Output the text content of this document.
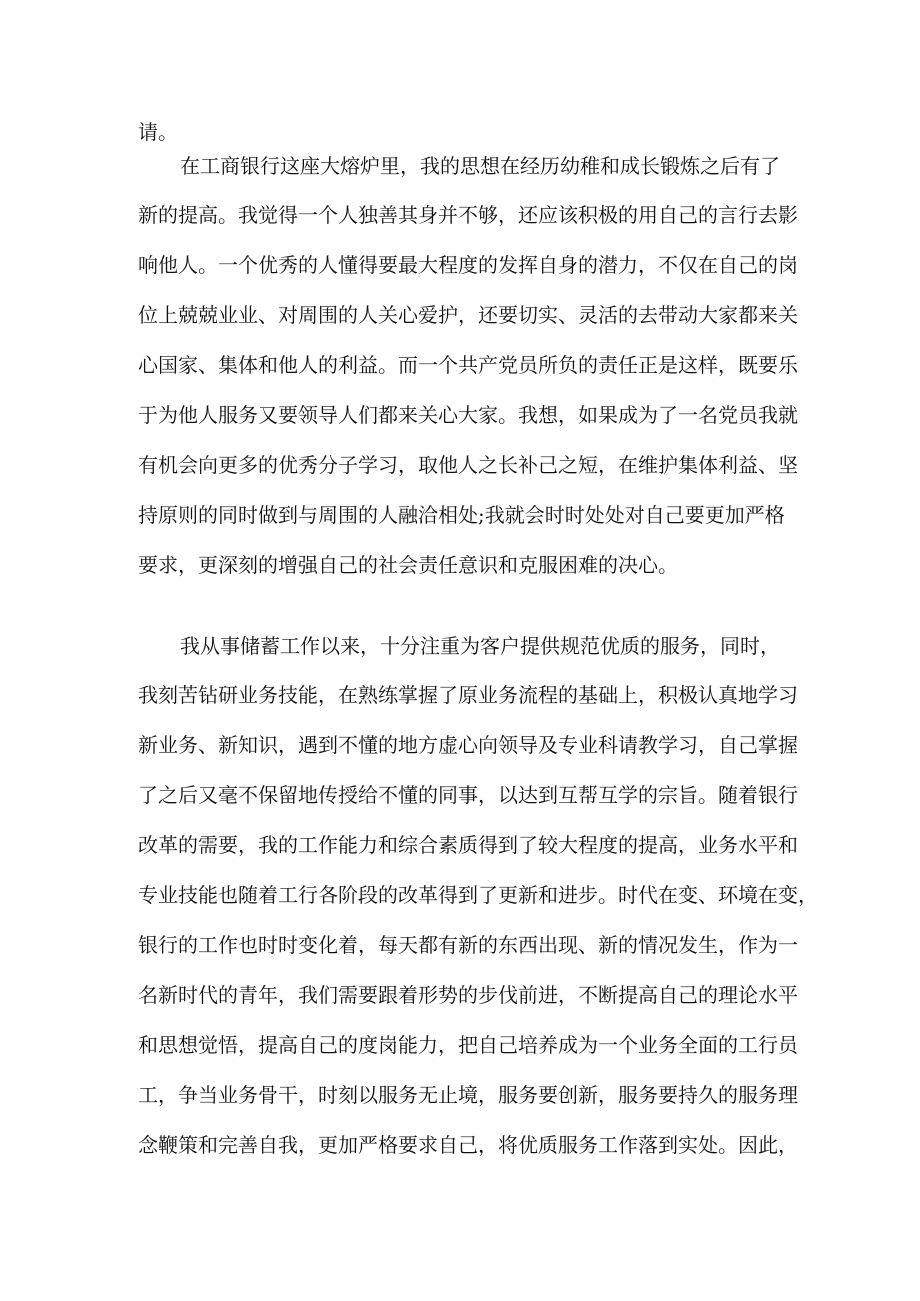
请。
在工商银行这座大熔炉里，我的思想在经历幼稚和成长锻炼之后有了
新的提高。我觉得一个人独善其身并不够，还应该积极的用自己的言行去影
响他人。一个优秀的人懂得要最大程度的发挥自身的潜力，不仅在自己的岗
位上兢兢业业、对周围的人关心爱护，还要切实、灵活的去带动大家都来关
心国家、集体和他人的利益。而一个共产党员所负的责任正是这样，既要乐
于为他人服务又要领导人们都来关心大家。我想，如果成为了一名党员我就
有机会向更多的优秀分子学习，取他人之长补己之短，在维护集体利益、坚
持原则的同时做到与周围的人融洽相处;我就会时时处处对自己要更加严格
要求，更深刻的增强自己的社会责任意识和克服困难的决心。
我从事储蓄工作以来，十分注重为客户提供规范优质的服务，同时，
我刻苦钻研业务技能，在熟练掌握了原业务流程的基础上，积极认真地学习
新业务、新知识，遇到不懂的地方虚心向领导及专业科请教学习，自己掌握
了之后又毫不保留地传授给不懂的同事，以达到互帮互学的宗旨。随着银行
改革的需要，我的工作能力和综合素质得到了较大程度的提高，业务水平和
专业技能也随着工行各阶段的改革得到了更新和进步。时代在变、环境在变，
银行的工作也时时变化着，每天都有新的东西出现、新的情况发生，作为一
名新时代的青年，我们需要跟着形势的步伐前进，不断提高自己的理论水平
和思想觉悟，提高自己的度岗能力，把自己培养成为一个业务全面的工行员
工，争当业务骨干，时刻以服务无止境，服务要创新，服务要持久的服务理
念鞭策和完善自我，更加严格要求自己，将优质服务工作落到实处。因此，
